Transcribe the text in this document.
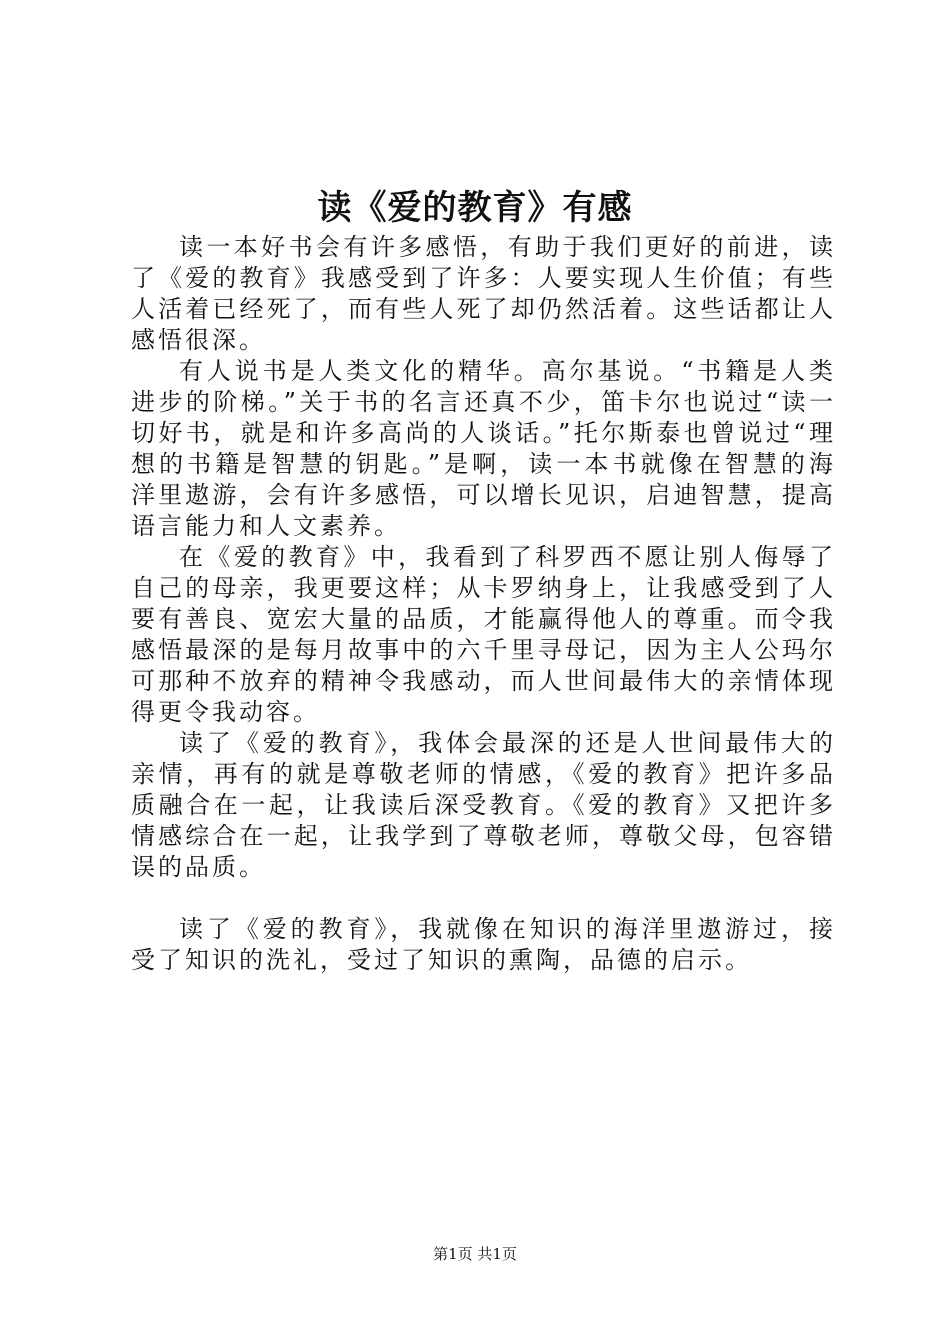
读《爱的教育》有感

读一本好书会有许多感悟，有助于我们更好的前进，读了《爱的教育》我感受到了许多：人要实现人生价值；有些人活着已经死了，而有些人死了却仍然活着。这些话都让人感悟很深。

有人说书是人类文化的精华。高尔基说。“书籍是人类进步的阶梯。”关于书的名言还真不少，笛卡尔也说过“读一切好书，就是和许多高尚的人谈话。”托尔斯泰也曾说过“理想的书籍是智慧的钥匙。”是啊，读一本书就像在智慧的海洋里遨游，会有许多感悟，可以增长见识，启迪智慧，提高语言能力和人文素养。

在《爱的教育》中，我看到了科罗西不愿让别人侮辱了自己的母亲，我更要这样；从卡罗纳身上，让我感受到了人要有善良、宽宏大量的品质，才能赢得他人的尊重。而令我感悟最深的是每月故事中的六千里寻母记，因为主人公玛尔可那种不放弃的精神令我感动，而人世间最伟大的亲情体现得更令我动容。

读了《爱的教育》，我体会最深的还是人世间最伟大的亲情，再有的就是尊敬老师的情感，《爱的教育》把许多品质融合在一起，让我读后深受教育。《爱的教育》又把许多情感综合在一起，让我学到了尊敬老师，尊敬父母，包容错误的品质。

读了《爱的教育》，我就像在知识的海洋里遨游过，接受了知识的洗礼，受过了知识的熏陶，品德的启示。

第1页 共1页
